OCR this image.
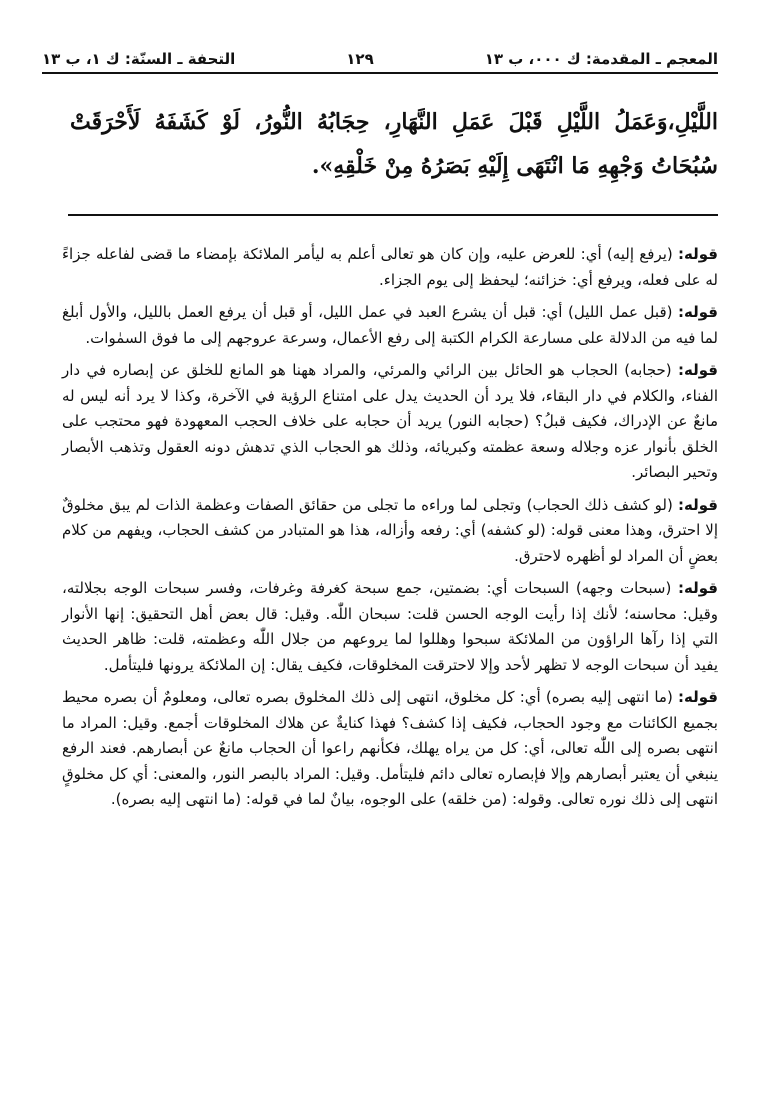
المعجم ـ المقدمة: ك ٠٠٠، ب ١٣
١٢٩
التحفة ـ السنّة: ك ١، ب ١٣
اللَّيْلِ،وَعَمَلُ اللَّيْلِ قَبْلَ عَمَلِ النَّهَارِ، حِجَابُهُ النُّورُ، لَوْ كَشَفَهُ لَأَحْرَقَتْ سُبُحَاتُ وَجْهِهِ مَا انْتَهَى إِلَيْهِ بَصَرُهُ مِنْ خَلْقِهِ».

قوله: (يرفع إليه) أي: للعرض عليه، وإن كان هو تعالى أعلم به ليأمر الملائكة بإمضاء ما قضى لفاعله جزاءً له على فعله، ويرفع أي: خزائنه؛ ليحفظ إلى يوم الجزاء.

قوله: (قبل عمل الليل) أي: قبل أن يشرع العبد في عمل الليل، أو قبل أن يرفع العمل بالليل، والأول أبلغ لما فيه من الدلالة على مسارعة الكرام الكتبة إلى رفع الأعمال، وسرعة عروجهم إلى ما فوق السمٰوات.

قوله: (حجابه) الحجاب هو الحائل بين الرائي والمرئي، والمراد ههنا هو المانع للخلق عن إبصاره في دار الفناء، والكلام في دار البقاء، فلا يرد أن الحديث يدل على امتناع الرؤية في الآخرة، وكذا لا يرد أنه ليس له مانعٌ عن الإدراك، فكيف قبلُ؟ (حجابه النور) يريد أن حجابه على خلاف الحجب المعهودة فهو محتجب على الخلق بأنوار عزه وجلاله وسعة عظمته وكبريائه، وذلك هو الحجاب الذي تدهش دونه العقول وتذهب الأبصار وتحير البصائر.

قوله: (لو كشف ذلك الحجاب) وتجلى لما وراءه ما تجلى من حقائق الصفات وعظمة الذات لم يبق مخلوقٌ إلا احترق، وهذا معنى قوله: (لو كشفه) أي: رفعه وأزاله، هذا هو المتبادر من كشف الحجاب، ويفهم من كلام بعضٍ أن المراد لو أظهره لاحترق.

قوله: (سبحات وجهه) السبحات أي: بضمتين، جمع سبحة كغرفة وغرفات، وفسر سبحات الوجه بجلالته، وقيل: محاسنه؛ لأنك إذا رأيت الوجه الحسن قلت: سبحان اللّٰه. وقيل: قال بعض أهل التحقيق: إنها الأنوار التي إذا رآها الراؤون من الملائكة سبحوا وهللوا لما يروعهم من جلال اللّٰه وعظمته، قلت: ظاهر الحديث يفيد أن سبحات الوجه لا تظهر لأحد وإلا لاحترقت المخلوقات، فكيف يقال: إن الملائكة يرونها فليتأمل.

قوله: (ما انتهى إليه بصره) أي: كل مخلوق، انتهى إلى ذلك المخلوق بصره تعالى، ومعلومٌ أن بصره محيط بجميع الكائنات مع وجود الحجاب، فكيف إذا كشف؟ فهذا كنايةٌ عن هلاك المخلوقات أجمع. وقيل: المراد ما انتهى بصره إلى اللّٰه تعالى، أي: كل من يراه يهلك، فكأنهم راعوا أن الحجاب مانعٌ عن أبصارهم. فعند الرفع ينبغي أن يعتبر أبصارهم وإلا فإبصاره تعالى دائم فليتأمل. وقيل: المراد بالبصر النور، والمعنى: أي كل مخلوقٍ انتهى إلى ذلك نوره تعالى. وقوله: (من خلقه) على الوجوه، بيانٌ لما في قوله: (ما انتهى إليه بصره).
